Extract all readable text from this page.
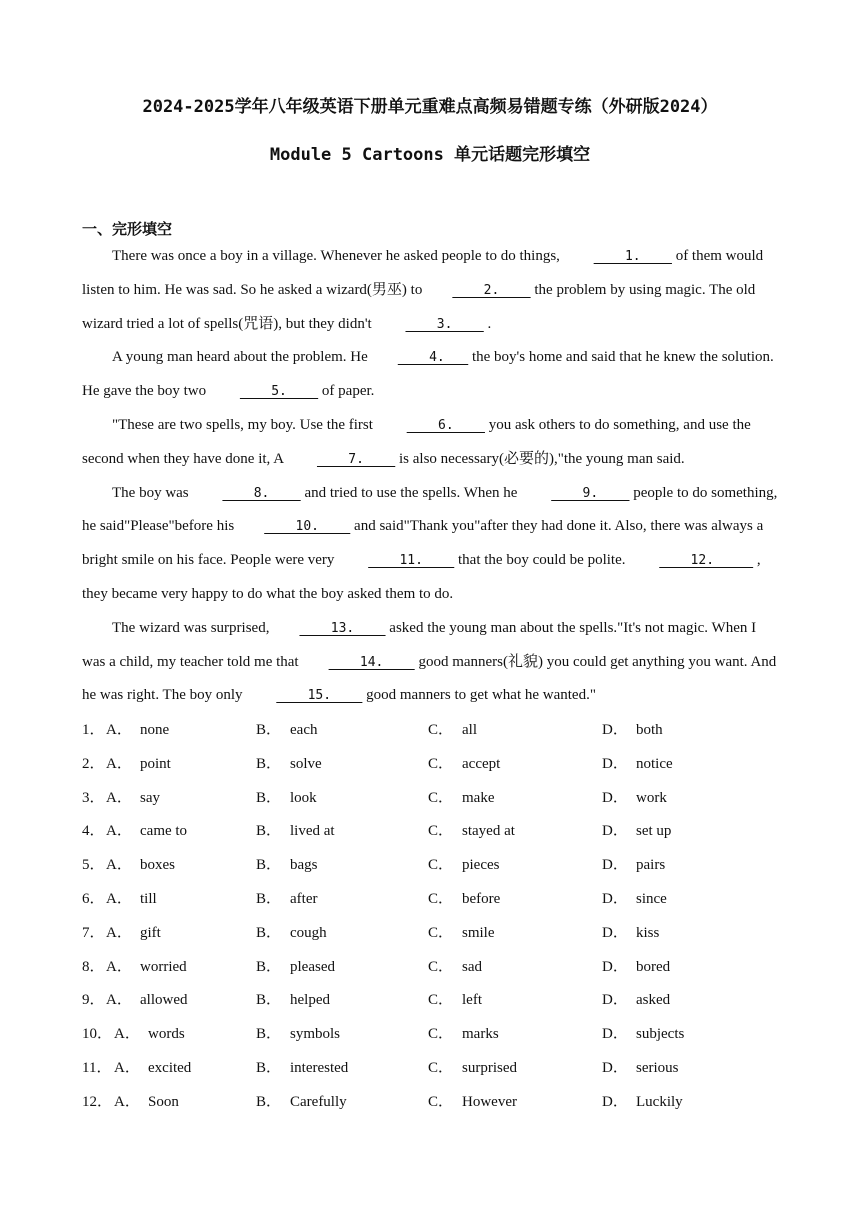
2024-2025学年八年级英语下册单元重难点高频易错题专练（外研版2024）
Module 5 Cartoons 单元话题完形填空
一、完形填空

There was once a boy in a village. Whenever he asked people to do things,     1.     of them would listen to him. He was sad. So he asked a wizard(男巫) to    2.     the problem by using magic. The old wizard tried a lot of spells(咒语), but they didn't     3.     .

A young man heard about the problem. He    4.    the boy's home and said that he knew the solution. He gave the boy two     5.     of paper.

"These are two spells, my boy. Use the first     6.     you ask others to do something, and use the second when they have done it, A     7.     is also necessary(必要的),"the young man said.

The boy was     8.     and tried to use the spells. When he     9.     people to do something, he said"Please"before his    10.     and said"Thank you"after they had done it. Also, there was always a bright smile on his face. People were very     11.     that the boy could be polite.     12.      , they became very happy to do what the boy asked them to do.

The wizard was surprised,    13.     asked the young man about the spells."It's not magic. When I was a child, my teacher told me that    14.     good manners(礼貌) you could get anything you want. And he was right. The boy only     15.     good manners to get what he wanted."

1． A． none	B． each	C． all	D． both
2． A． point	B． solve	C． accept	D． notice
3． A． say	B． look	C． make	D． work
4． A． came to	B． lived at	C． stayed at	D． set up
5． A． boxes	B． bags	C． pieces	D． pairs
6． A． till	B． after	C． before	D． since
7． A． gift	B． cough	C． smile	D． kiss
8． A． worried	B． pleased	C． sad	D． bored
9． A． allowed	B． helped	C． left	D． asked
10． A． words	B． symbols	C． marks	D． subjects
11． A． excited	B． interested	C． surprised	D． serious
12． A． Soon	B． Carefully	C． However	D． Luckily
